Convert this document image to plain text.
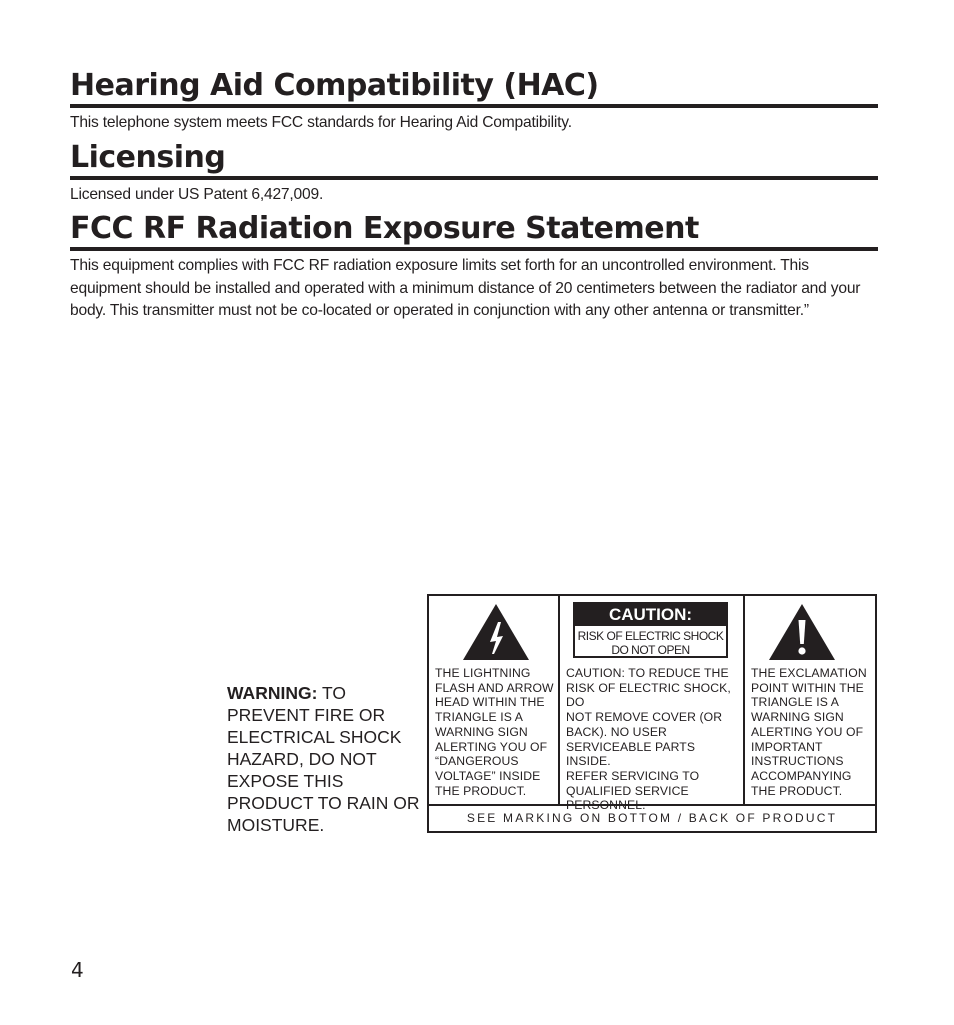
Hearing Aid Compatibility (HAC)

This telephone system meets FCC standards for Hearing Aid Compatibility.

Licensing

Licensed under US Patent 6,427,009.

FCC RF Radiation Exposure Statement

This equipment complies with FCC RF radiation exposure limits set forth for an uncontrolled environment. This equipment should be installed and operated with a minimum distance of 20 centimeters between the radiator and your body. This transmitter must not be co-located or operated in conjunction with any other antenna or transmitter.”

WARNING: TO PREVENT FIRE OR ELECTRICAL SHOCK HAZARD, DO NOT EXPOSE THIS PRODUCT TO RAIN OR MOISTURE.

THE LIGHTNING
FLASH AND ARROW
HEAD WITHIN THE
TRIANGLE IS A
WARNING SIGN
ALERTING YOU OF
“DANGEROUS
VOLTAGE” INSIDE
THE PRODUCT.

CAUTION:
RISK OF ELECTRIC SHOCK
DO NOT OPEN

CAUTION: TO REDUCE THE
RISK OF ELECTRIC SHOCK, DO
NOT REMOVE COVER (OR
BACK). NO USER
SERVICEABLE PARTS INSIDE.
REFER SERVICING TO
QUALIFIED SERVICE
PERSONNEL.

THE EXCLAMATION
POINT WITHIN THE
TRIANGLE IS A
WARNING SIGN
ALERTING YOU OF
IMPORTANT
INSTRUCTIONS
ACCOMPANYING
THE PRODUCT.

SEE MARKING ON BOTTOM / BACK OF PRODUCT
4
